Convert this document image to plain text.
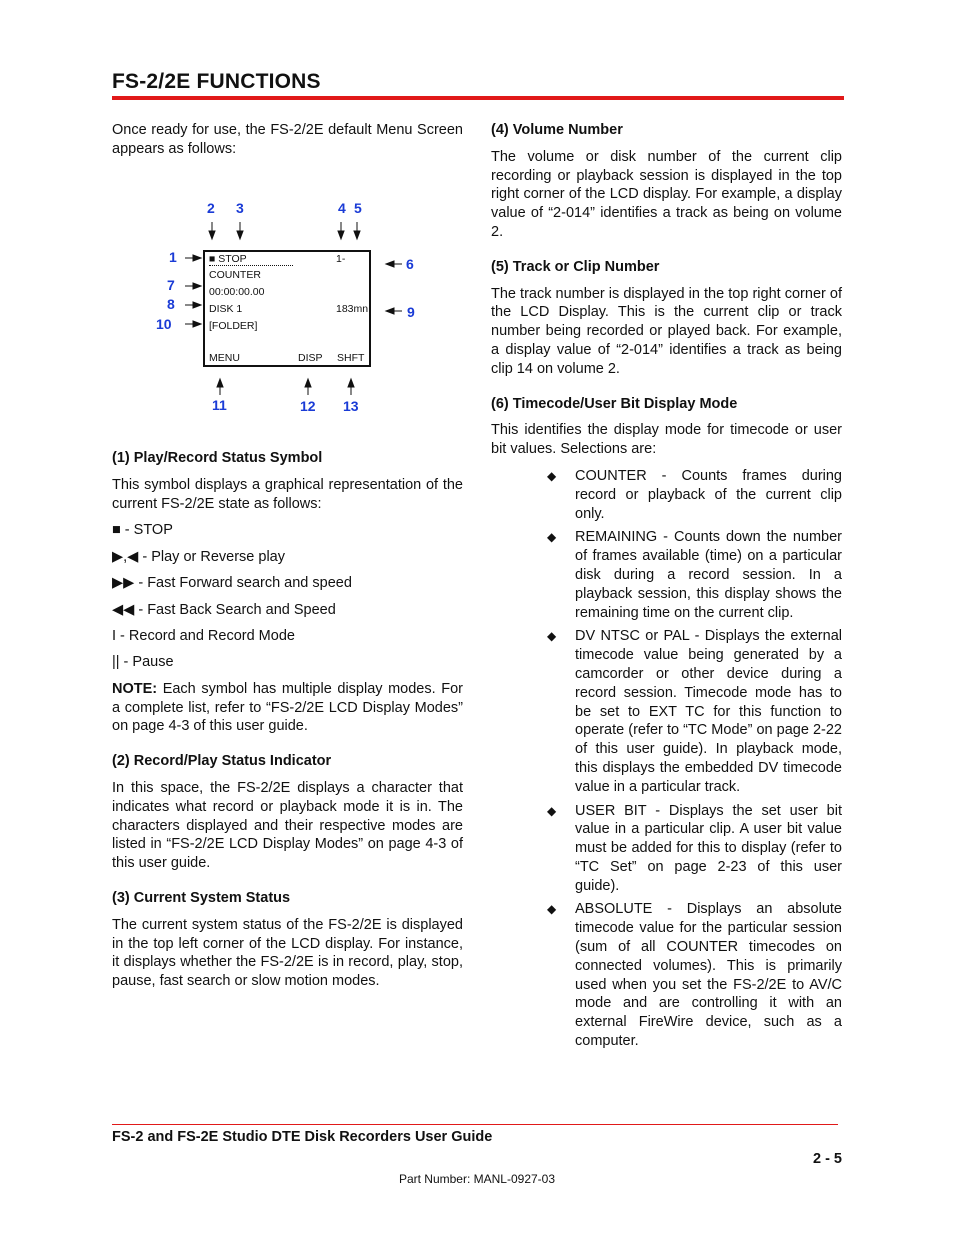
FS-2/2E FUNCTIONS

Once ready for use, the FS-2/2E default Menu Screen appears as follows:

2 3	4 5
1
7
8
10
6
9
11	12 13
■ STOP	1-
COUNTER
00:00:00.00
DISK 1	183mn
[FOLDER]
MENU	DISP SHFT
(1) Play/Record Status Symbol

This symbol displays a graphical representation of the current FS-2/2E state as follows:

■ - STOP
▶,◀ - Play or Reverse play
▶▶ - Fast Forward search and speed
◀◀ - Fast Back Search and Speed
I - Record and Record Mode
|| - Pause

NOTE: Each symbol has multiple display modes. For a complete list, refer to “FS-2/2E LCD Display Modes” on page 4-3 of this user guide.

(2) Record/Play Status Indicator

In this space, the FS-2/2E displays a character that indicates what record or playback mode it is in. The characters displayed and their respective modes are listed in “FS-2/2E LCD Display Modes” on page 4-3 of this user guide.

(3) Current System Status

The current system status of the FS-2/2E is displayed in the top left corner of the LCD display. For instance, it displays whether the FS-2/2E is in record, play, stop, pause, fast search or slow motion modes.

(4) Volume Number

The volume or disk number of the current clip recording or playback session is displayed in the top right corner of the LCD display. For example, a display value of “2-014” identifies a track as being on volume 2.

(5) Track or Clip Number

The track number is displayed in the top right corner of the LCD Display. This is the current clip or track number being recorded or played back. For example, a display value of “2-014” identifies a track as being clip 14 on volume 2.

(6) Timecode/User Bit Display Mode

This identifies the display mode for timecode or user bit values. Selections are:

◆ COUNTER - Counts frames during record or playback of the current clip only.
◆ REMAINING - Counts down the number of frames available (time) on a particular disk during a record session. In a playback session, this display shows the remaining time on the current clip.
◆ DV NTSC or PAL - Displays the external timecode value being generated by a camcorder or other device during a record session. Timecode mode has to be set to EXT TC for this function to operate (refer to “TC Mode” on page 2-22 of this user guide). In playback mode, this displays the embedded DV timecode value in a particular track.
◆ USER BIT - Displays the set user bit value in a particular clip. A user bit value must be added for this to display (refer to “TC Set” on page 2-23 of this user guide).
◆ ABSOLUTE - Displays an absolute timecode value for the particular session (sum of all COUNTER timecodes on connected volumes). This is primarily used when you set the FS-2/2E to AV/C mode and are controlling it with an external FireWire device, such as a computer.
FS-2 and FS-2E Studio DTE Disk Recorders User Guide
2 - 5
Part Number: MANL-0927-03
